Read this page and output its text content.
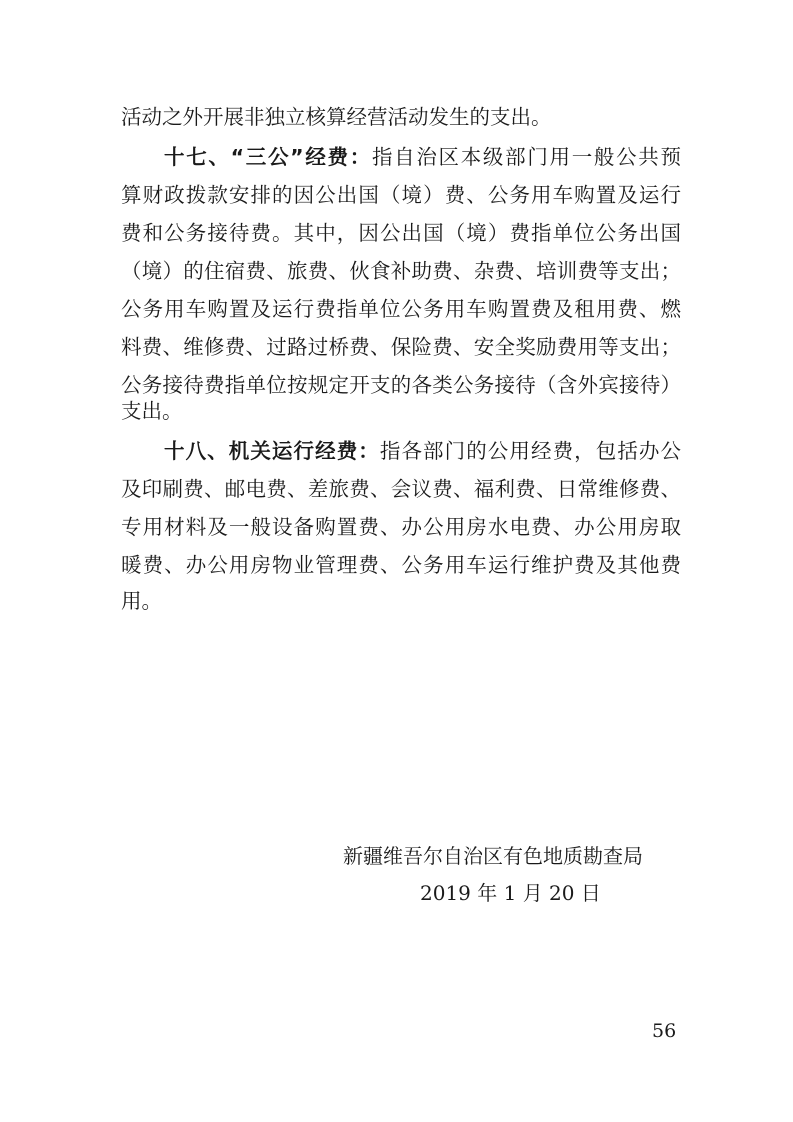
活动之外开展非独立核算经营活动发生的支出。
十七、“三公”经费：指自治区本级部门用一般公共预
算财政拨款安排的因公出国（境）费、公务用车购置及运行
费和公务接待费。其中，因公出国（境）费指单位公务出国
（境）的住宿费、旅费、伙食补助费、杂费、培训费等支出；
公务用车购置及运行费指单位公务用车购置费及租用费、燃
料费、维修费、过路过桥费、保险费、安全奖励费用等支出；
公务接待费指单位按规定开支的各类公务接待（含外宾接待）
支出。
十八、机关运行经费：指各部门的公用经费，包括办公
及印刷费、邮电费、差旅费、会议费、福利费、日常维修费、
专用材料及一般设备购置费、办公用房水电费、办公用房取
暖费、办公用房物业管理费、公务用车运行维护费及其他费
用。
新疆维吾尔自治区有色地质勘查局
2019 年 1 月 20 日
56
